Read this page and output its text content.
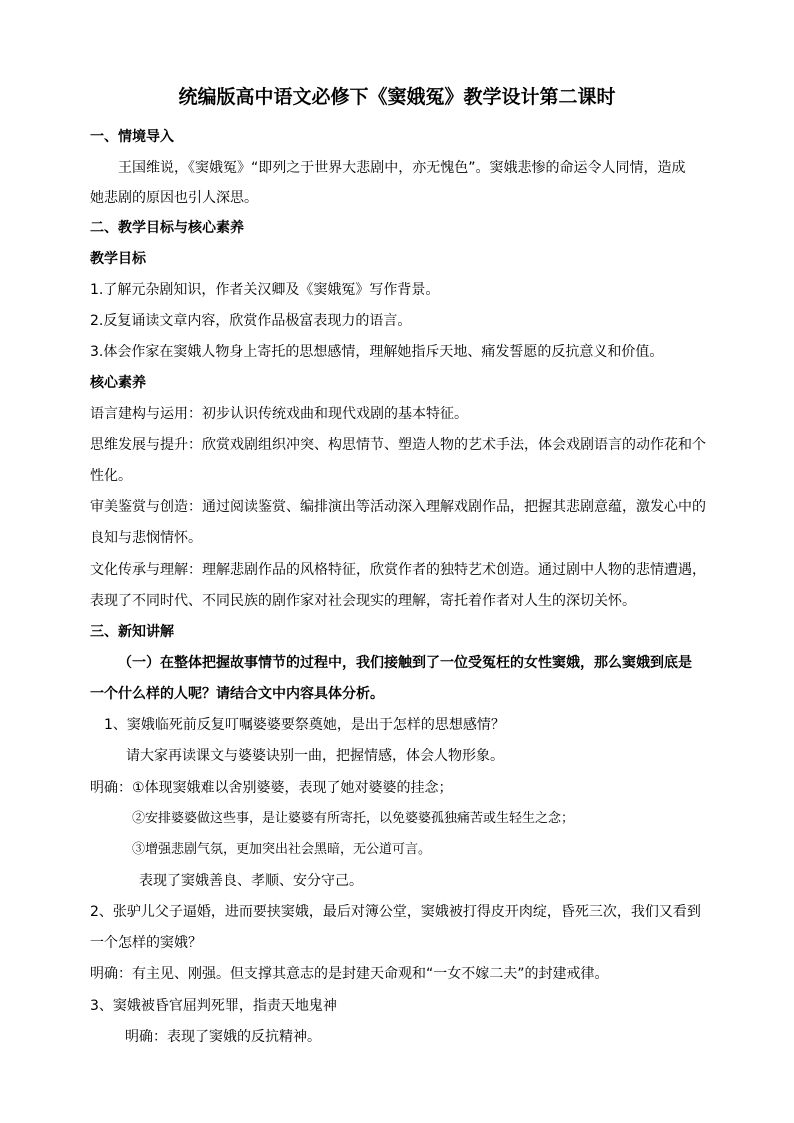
统编版高中语文必修下《窦娥冤》教学设计第二课时
一、情境导入
王国维说，《窦娥冤》“即列之于世界大悲剧中，亦无愧色”。窦娥悲惨的命运令人同情，造成
她悲剧的原因也引人深思。
二、教学目标与核心素养
教学目标
1.了解元杂剧知识，作者关汉卿及《窦娥冤》写作背景。
2.反复诵读文章内容，欣赏作品极富表现力的语言。
3.体会作家在窦娥人物身上寄托的思想感情，理解她指斥天地、痛发誓愿的反抗意义和价值。
核心素养
语言建构与运用：初步认识传统戏曲和现代戏剧的基本特征。
思维发展与提升：欣赏戏剧组织冲突、构思情节、塑造人物的艺术手法，体会戏剧语言的动作花和个
性化。
审美鉴赏与创造：通过阅读鉴赏、编排演出等活动深入理解戏剧作品，把握其悲剧意蕴，激发心中的
良知与悲悯情怀。
文化传承与理解：理解悲剧作品的风格特征，欣赏作者的独特艺术创造。通过剧中人物的悲情遭遇，
表现了不同时代、不同民族的剧作家对社会现实的理解，寄托着作者对人生的深切关怀。
三、新知讲解
（一）在整体把握故事情节的过程中，我们接触到了一位受冤枉的女性窦娥，那么窦娥到底是
一个什么样的人呢？请结合文中内容具体分析。
1、窦娥临死前反复叮嘱婆婆要祭奠她，是出于怎样的思想感情？
请大家再读课文与婆婆诀别一曲，把握情感，体会人物形象。
明确：①体现窦娥难以舍别婆婆，表现了她对婆婆的挂念；
②安排婆婆做这些事，是让婆婆有所寄托，以免婆婆孤独痛苦或生轻生之念；
③增强悲剧气氛，更加突出社会黑暗，无公道可言。
表现了窦娥善良、孝顺、安分守己。
2、张驴儿父子逼婚，进而要挟窦娥，最后对簿公堂，窦娥被打得皮开肉绽，昏死三次，我们又看到
一个怎样的窦娥？
明确：有主见、刚强。但支撑其意志的是封建天命观和“一女不嫁二夫”的封建戒律。
3、窦娥被昏官屈判死罪，指责天地鬼神
明确：表现了窦娥的反抗精神。
